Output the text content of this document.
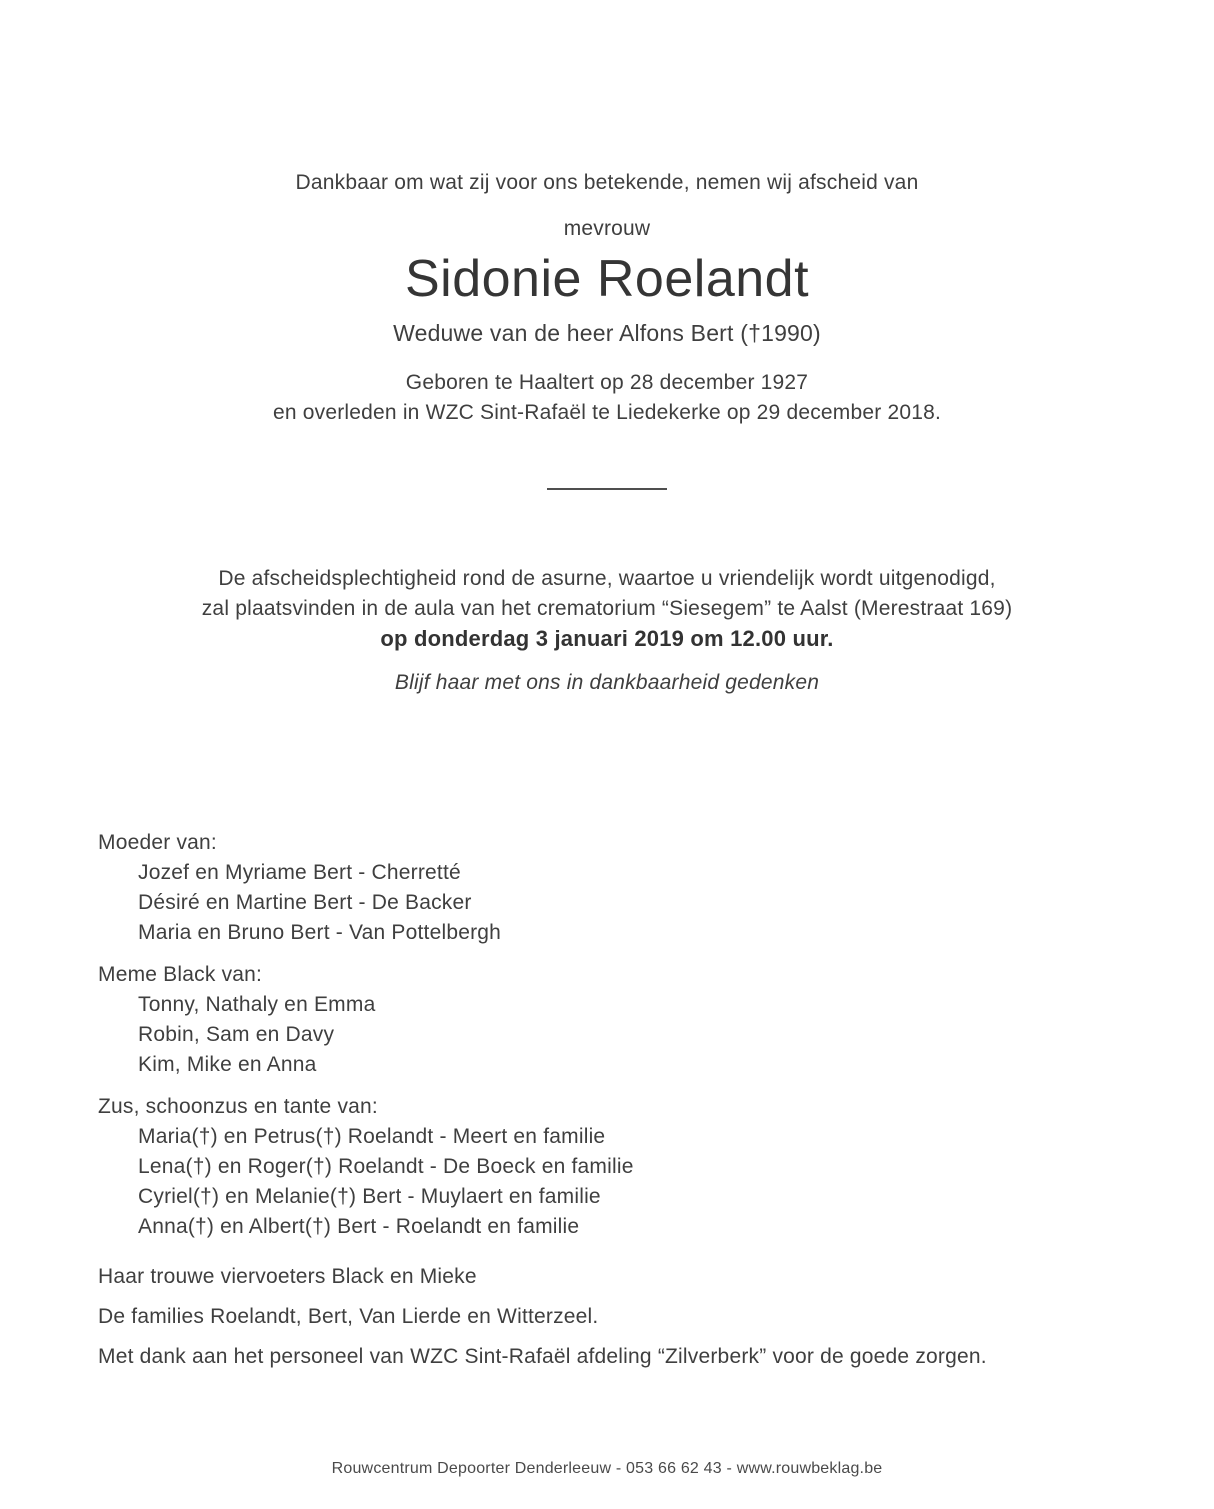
Dankbaar om wat zij voor ons betekende, nemen wij afscheid van

mevrouw

Sidonie Roelandt

Weduwe van de heer Alfons Bert (†1990)

Geboren te Haaltert op 28 december 1927

en overleden in WZC Sint-Rafaël te Liedekerke op 29 december 2018.

De afscheidsplechtigheid rond de asurne, waartoe u vriendelijk wordt uitgenodigd,

zal plaatsvinden in de aula van het crematorium “Siesegem” te Aalst (Merestraat 169)

op donderdag 3 januari 2019 om 12.00 uur.

Blijf haar met ons in dankbaarheid gedenken

Moeder van:

Jozef en Myriame Bert - Cherretté

Désiré en Martine Bert - De Backer

Maria en Bruno Bert - Van Pottelbergh

Meme Black van:

Tonny, Nathaly en Emma

Robin, Sam en Davy

Kim, Mike en Anna

Zus, schoonzus en tante van:

Maria(†) en Petrus(†) Roelandt - Meert en familie

Lena(†) en Roger(†) Roelandt - De Boeck en familie

Cyriel(†) en Melanie(†) Bert - Muylaert en familie

Anna(†) en Albert(†) Bert - Roelandt en familie

Haar trouwe viervoeters Black en Mieke

De families Roelandt, Bert, Van Lierde en Witterzeel.

Met dank aan het personeel van WZC Sint-Rafaël afdeling “Zilverberk” voor de goede zorgen.

Rouwcentrum Depoorter Denderleeuw - 053 66 62 43 - www.rouwbeklag.be
